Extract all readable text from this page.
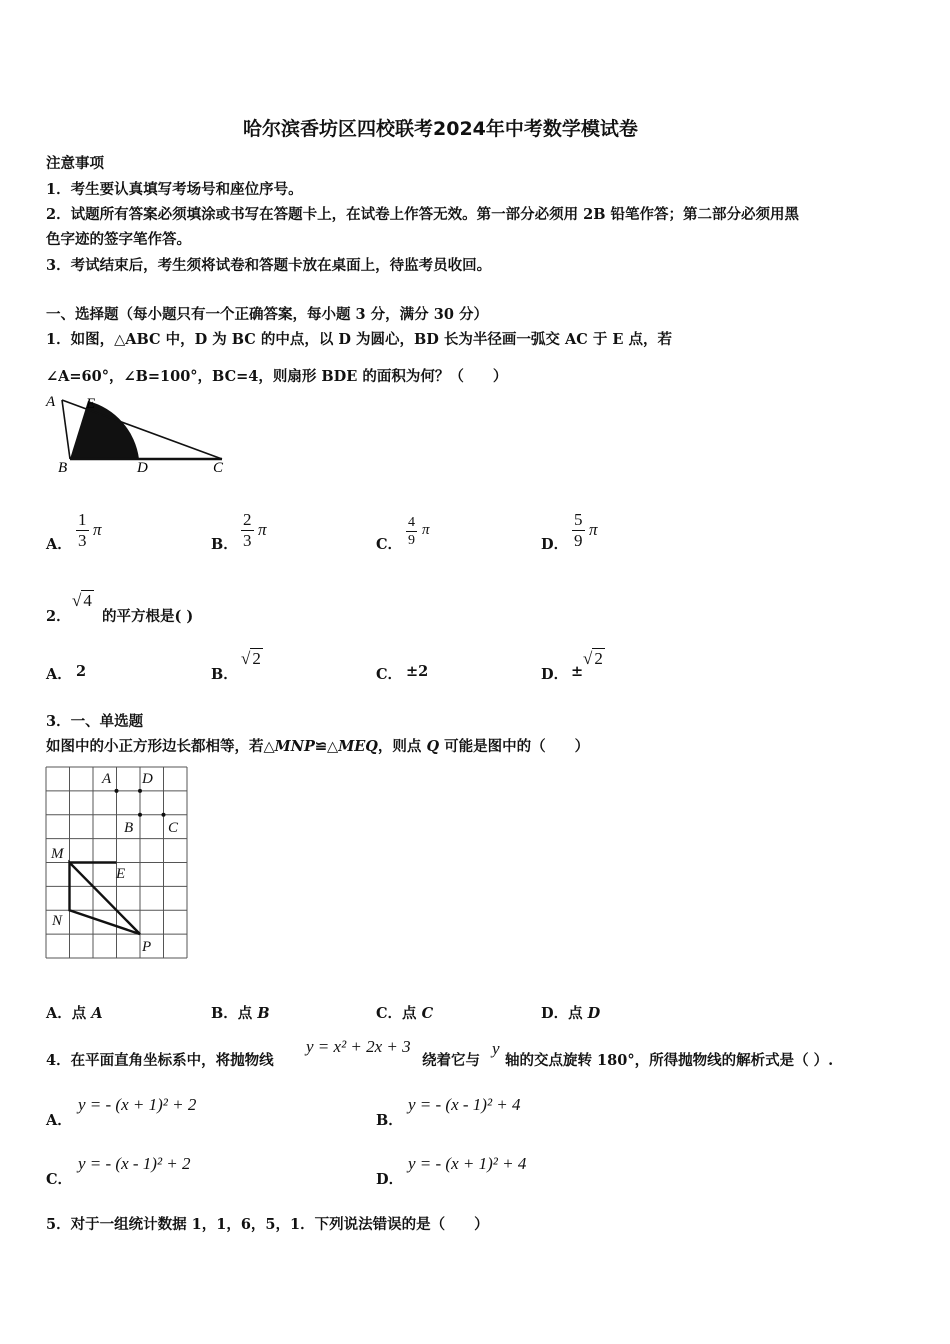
哈尔滨香坊区四校联考2024年中考数学模试卷
注意事项
1．考生要认真填写考场号和座位序号。
2．试题所有答案必须填涂或书写在答题卡上，在试卷上作答无效。第一部分必须用 2B 铅笔作答；第二部分必须用黑
色字迹的签字笔作答。
3．考试结束后，考生须将试卷和答题卡放在桌面上，待监考员收回。
一、选择题（每小题只有一个正确答案，每小题 3 分，满分 30 分）
1．如图，△ABC 中，D 为 BC 的中点，以 D 为圆心，BD 长为半径画一弧交 AC 于 E 点，若
∠A=60°，∠B=100°，BC=4，则扇形 BDE 的面积为何？（　　）
A E
B	D	C
A． $\frac{1}{3}$ π
B． $\frac{2}{3}$ π
C． $\frac{4}{9}$ π
D． $\frac{5}{9}$ π
2．
√ 4
的平方根是( )
A． 2	B．
√ 2
C． ±2	D． ±
√ 2
3．一、单选题
如图中的小正方形边长都相等，若△MNP≌△MEQ，则点 Q 可能是图中的（　　）
A D
B C
M
E
N
P
A．点 A	B．点 B	C．点 C	D．点 D
4．在平面直角坐标系中，将抛物线
y = x² + 2x + 3
绕着它与
y
轴的交点旋转 180°，所得抛物线的解析式是（ ）.
A．
y = - (x + 1)² + 2
B．
y = - (x - 1)² + 4
C．
y = - (x - 1)² + 2
D．
y = - (x + 1)² + 4
5．对于一组统计数据 1，1，6，5，1．下列说法错误的是（　　）
